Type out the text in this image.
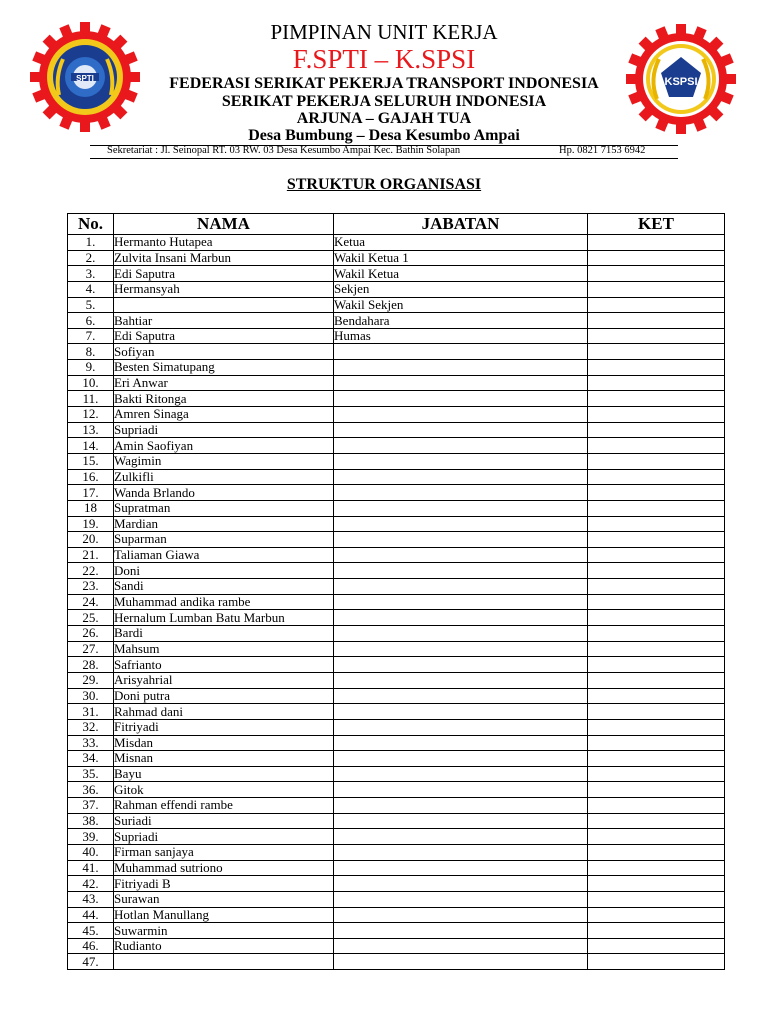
SPTI	KSPSI
PIMPINAN UNIT KERJA
F.SPTI – K.SPSI
FEDERASI SERIKAT PEKERJA TRANSPORT INDONESIA
SERIKAT PEKERJA SELURUH INDONESIA
ARJUNA – GAJAH TUA
Desa Bumbung – Desa Kesumbo Ampai
Sekretariat : Jl. Seinopal RT. 03 RW. 03 Desa Kesumbo Ampai Kec. Bathin Solapan	Hp. 0821 7153 6942
STRUKTUR ORGANISASI
No.	NAMA	JABATAN	KET
1.	Hermanto Hutapea	Ketua	
2.	Zulvita Insani Marbun	Wakil Ketua 1	
3.	Edi Saputra	Wakil Ketua	
4.	Hermansyah	Sekjen	
5.		Wakil Sekjen	
6.	Bahtiar	Bendahara	
7.	Edi Saputra	Humas	
8.	Sofiyan		
9.	Besten Simatupang		
10.	Eri Anwar		
11.	Bakti Ritonga		
12.	Amren Sinaga		
13.	Supriadi		
14.	Amin Saofiyan		
15.	Wagimin		
16.	Zulkifli		
17.	Wanda Brlando		
18	Supratman		
19.	Mardian		
20.	Suparman		
21.	Taliaman Giawa		
22.	Doni		
23.	Sandi		
24.	Muhammad andika rambe		
25.	Hernalum Lumban Batu Marbun		
26.	Bardi		
27.	Mahsum		
28.	Safrianto		
29.	Arisyahrial		
30.	Doni putra		
31.	Rahmad dani		
32.	Fitriyadi		
33.	Misdan		
34.	Misnan		
35.	Bayu		
36.	Gitok		
37.	Rahman effendi rambe		
38.	Suriadi		
39.	Supriadi		
40.	Firman sanjaya		
41.	Muhammad sutriono		
42.	Fitriyadi B		
43.	Surawan		
44.	Hotlan Manullang		
45.	Suwarmin		
46.	Rudianto		
47.			
